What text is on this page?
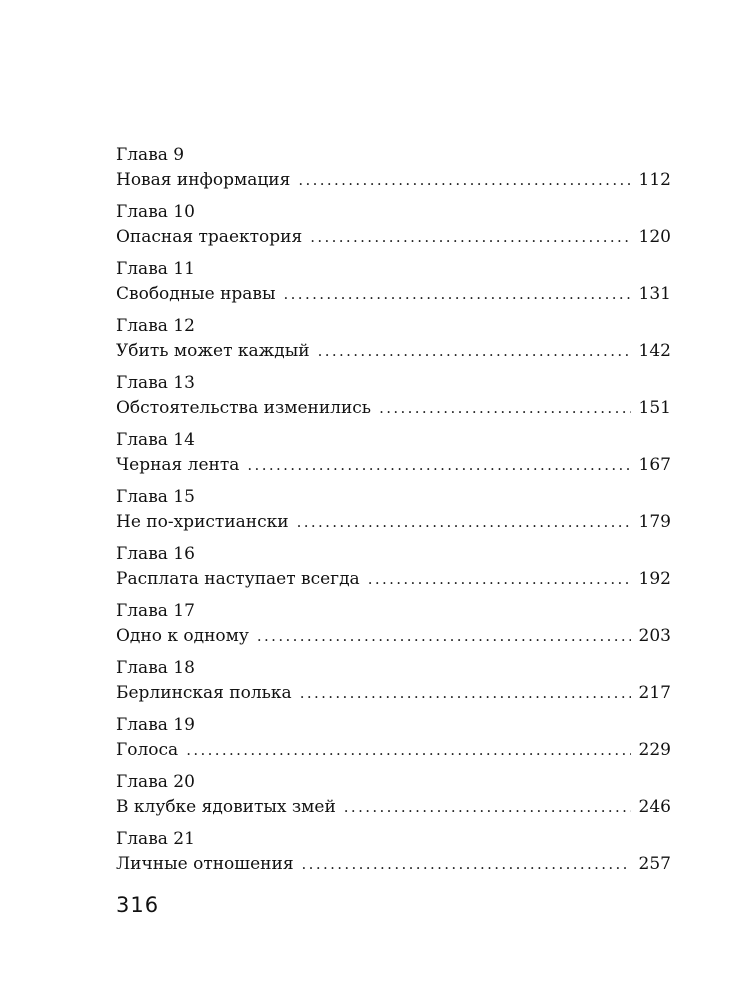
Глава 9
Новая информация . . .	112
Глава 10
Опасная траектория . . .	120
Глава 11
Свободные нравы . . .	131
Глава 12
Убить может каждый . . .	142
Глава 13
Обстоятельства изменились . . .	151
Глава 14
Черная лента . . .	167
Глава 15
Не по-христиански . . .	179
Глава 16
Расплата наступает всегда . . .	192
Глава 17
Одно к одному . . .	203
Глава 18
Берлинская полька . . .	217
Глава 19
Голоса . . .	229
Глава 20
В клубке ядовитых змей . . .	246
Глава 21
Личные отношения . . .	257
316
